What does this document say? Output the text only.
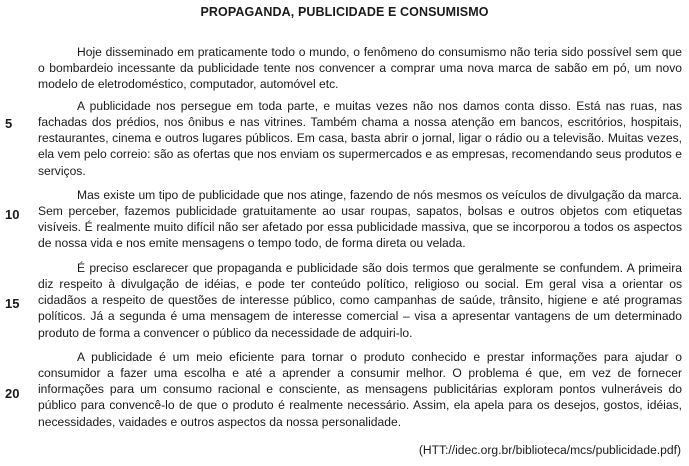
PROPAGANDA, PUBLICIDADE E CONSUMISMO
5
10
15
20

Hoje disseminado em praticamente todo o mundo, o fenômeno do consumismo não teria sido possível sem que o bombardeio incessante da publicidade tente nos convencer a comprar uma nova marca de sabão em pó, um novo modelo de eletrodoméstico, computador, automóvel etc.

A publicidade nos persegue em toda parte, e muitas vezes não nos damos conta disso. Está nas ruas, nas fachadas dos prédios, nos ônibus e nas vitrines. Também chama a nossa atenção em bancos, escritórios, hospitais, restaurantes, cinema e outros lugares públicos. Em casa, basta abrir o jornal, ligar o rádio ou a televisão. Muitas vezes, ela vem pelo correio: são as ofertas que nos enviam os supermercados e as empresas, recomendando seus produtos e serviços.

Mas existe um tipo de publicidade que nos atinge, fazendo de nós mesmos os veículos de divulgação da marca. Sem perceber, fazemos publicidade gratuitamente ao usar roupas, sapatos, bolsas e outros objetos com etiquetas visíveis. É realmente muito difícil não ser afetado por essa publicidade massiva, que se incorporou a todos os aspectos de nossa vida e nos emite mensagens o tempo todo, de forma direta ou velada.

É preciso esclarecer que propaganda e publicidade são dois termos que geralmente se confundem. A primeira diz respeito à divulgação de idéias, e pode ter conteúdo político, religioso ou social. Em geral visa a orientar os cidadãos a respeito de questões de interesse público, como campanhas de saúde, trânsito, higiene e até programas políticos. Já a segunda é uma mensagem de interesse comercial – visa a apresentar vantagens de um determinado produto de forma a convencer o público da necessidade de adquiri-lo.

A publicidade é um meio eficiente para tornar o produto conhecido e prestar informações para ajudar o consumidor a fazer uma escolha e até a aprender a consumir melhor. O problema é que, em vez de fornecer informações para um consumo racional e consciente, as mensagens publicitárias exploram pontos vulneráveis do público para convencê-lo de que o produto é realmente necessário. Assim, ela apela para os desejos, gostos, idéias, necessidades, vaidades e outros aspectos da nossa personalidade.

(HTT://idec.org.br/biblioteca/mcs/publicidade.pdf)
